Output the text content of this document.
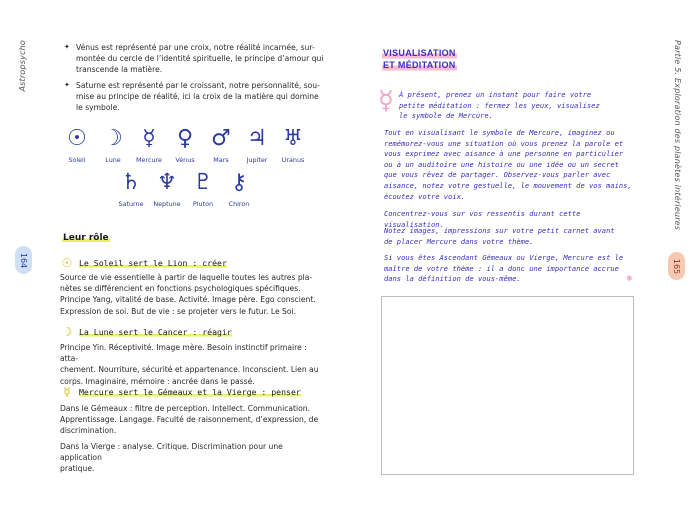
Astropsycho
164
✦ Vénus est représenté par une croix, notre réalité incarnée, sur-
montée du cercle de l’identité spirituelle, le principe d’amour qui
transcende la matière.
✦ Saturne est représenté par le croissant, notre personnalité, sou-
mise au principe de réalité, ici la croix de la matière qui domine
le symbole.
☉
Soleil
☽
Lune
☿
Mercure
♀
Vénus
♂
Mars
♃
Jupiter
♅
Uranus
♄
Saturne
♆
Neptune
♇
Pluton
⚷
Chiron
Leur rôle
☉ Le Soleil sert le Lion : créer
Source de vie essentielle à partir de laquelle toutes les autres pla-
nètes se différencient en fonctions psychologiques spécifiques.
Principe Yang, vitalité de base. Activité. Image père. Ego conscient.
Expression de soi. But de vie : se projeter vers le futur. Le Soi.
☽ La Lune sert le Cancer : réagir
Principe Yin. Réceptivité. Image mère. Besoin instinctif primaire : atta-
chement. Nourriture, sécurité et appartenance. Inconscient. Lien au
corps. Imaginaire, mémoire : ancrée dans le passé.
☿	Mercure sert le Gémeaux et la Vierge : penser
Dans le Gémeaux : filtre de perception. Intellect. Communication.
Apprentissage. Langage. Faculté de raisonnement, d’expression, de
discrimination.
Dans la Vierge : analyse. Critique. Discrimination pour une application
pratique.
Partie 5. Exploration des planètes intérieures
165
VISUALISATION
ET MÉDITATION
☿ À présent, prenez un instant pour faire votre
petite méditation : fermez les yeux, visualisez
le symbole de Mercure.
Tout en visualisant le symbole de Mercure, imaginez ou
remémorez-vous une situation où vous prenez la parole et
vous exprimez avec aisance à une personne en particulier
ou à un auditoire une histoire ou une idée ou un secret
que vous rêvez de partager. Observez-vous parler avec
aisance, notez votre gestuelle, le mouvement de vos mains,
écoutez votre voix.
Concentrez-vous sur vos ressentis durant cette visualisation.
Notez images, impressions sur votre petit carnet avant
de placer Mercure dans votre thème.
Si vous êtes Ascendant Gémeaux ou Vierge, Mercure est le
maître de votre thème : il a donc une importance accrue
dans la définition de vous-même.	✱
